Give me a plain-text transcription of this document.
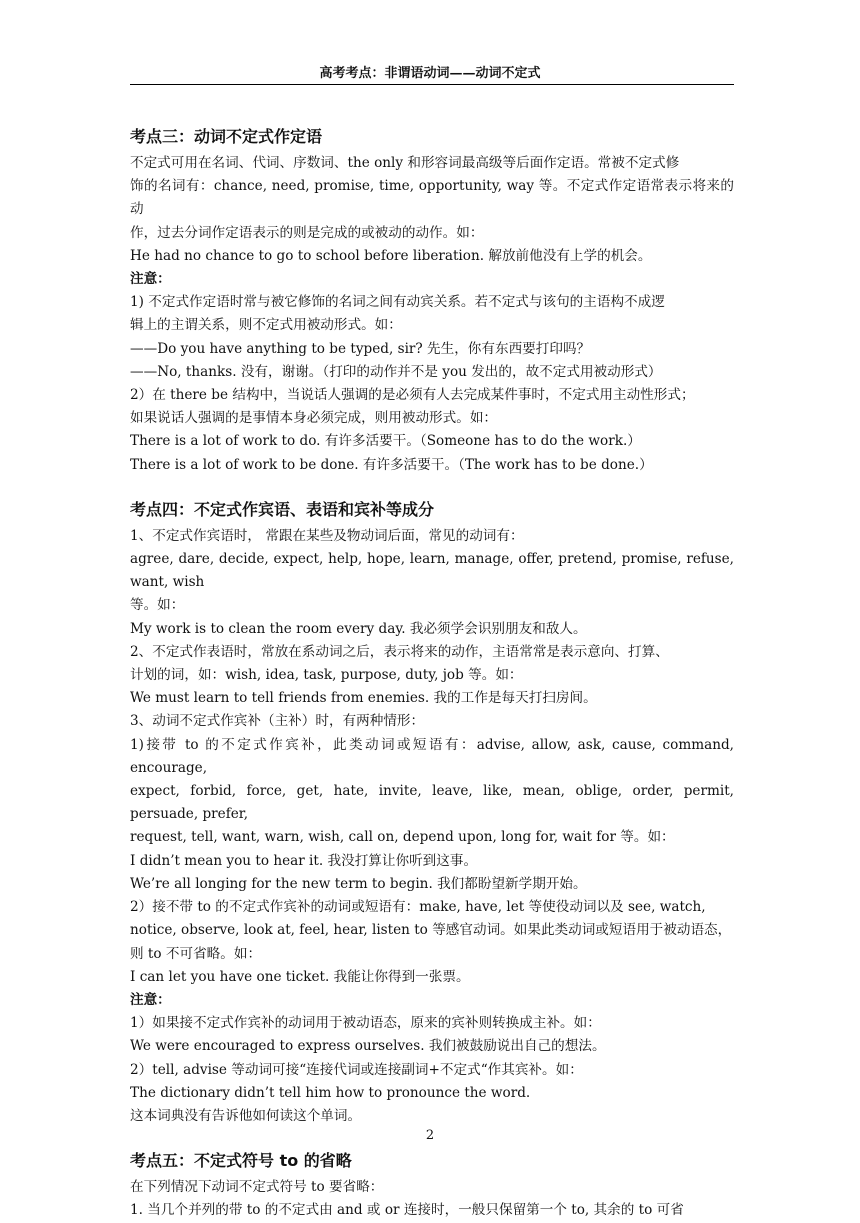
高考考点：非谓语动词——动词不定式
考点三：动词不定式作定语

不定式可用在名词、代词、序数词、the only 和形容词最高级等后面作定语。常被不定式修

饰的名词有：chance, need, promise, time, opportunity, way 等。不定式作定语常表示将来的动

作，过去分词作定语表示的则是完成的或被动的动作。如：

He had no chance to go to school before liberation. 解放前他没有上学的机会。

注意：

1) 不定式作定语时常与被它修饰的名词之间有动宾关系。若不定式与该句的主语构不成逻

辑上的主谓关系，则不定式用被动形式。如：

——Do you have anything to be typed, sir? 先生，你有东西要打印吗？

——No, thanks. 没有，谢谢。（打印的动作并不是 you 发出的，故不定式用被动形式）

2）在 there be 结构中，当说话人强调的是必须有人去完成某件事时，不定式用主动性形式；

如果说话人强调的是事情本身必须完成，则用被动形式。如：

There is a lot of work to do. 有许多活要干。（Someone has to do the work.）

There is a lot of work to be done. 有许多活要干。（The work has to be done.）

考点四：不定式作宾语、表语和宾补等成分

1、不定式作宾语时， 常跟在某些及物动词后面，常见的动词有：

agree, dare, decide, expect, help, hope, learn, manage, offer, pretend, promise, refuse, want, wish

等。如：

My work is to clean the room every day. 我必须学会识别朋友和敌人。

2、不定式作表语时，常放在系动词之后，表示将来的动作，主语常常是表示意向、打算、

计划的词，如：wish, idea, task, purpose, duty, job 等。如：

We must learn to tell friends from enemies. 我的工作是每天打扫房间。

3、动词不定式作宾补（主补）时，有两种情形：

1)接带 to 的不定式作宾补，此类动词或短语有：advise, allow, ask, cause, command, encourage,

expect, forbid, force, get, hate, invite, leave, like, mean, oblige, order, permit, persuade, prefer,

request, tell, want, warn, wish, call on, depend upon, long for, wait for 等。如：

I didn’t mean you to hear it. 我没打算让你听到这事。

We’re all longing for the new term to begin. 我们都盼望新学期开始。

2）接不带 to 的不定式作宾补的动词或短语有：make, have, let 等使役动词以及 see, watch,

notice, observe, look at, feel, hear, listen to 等感官动词。如果此类动词或短语用于被动语态，

则 to 不可省略。如：

I can let you have one ticket. 我能让你得到一张票。

注意：

1）如果接不定式作宾补的动词用于被动语态，原来的宾补则转换成主补。如：

We were encouraged to express ourselves. 我们被鼓励说出自己的想法。

2）tell, advise 等动词可接“连接代词或连接副词+不定式“作其宾补。如：

The dictionary didn’t tell him how to pronounce the word.

这本词典没有告诉他如何读这个单词。

考点五：不定式符号 to 的省略

在下列情况下动词不定式符号 to 要省略：

1. 当几个并列的带 to 的不定式由 and 或 or 连接时，一般只保留第一个 to, 其余的 to 可省

2
